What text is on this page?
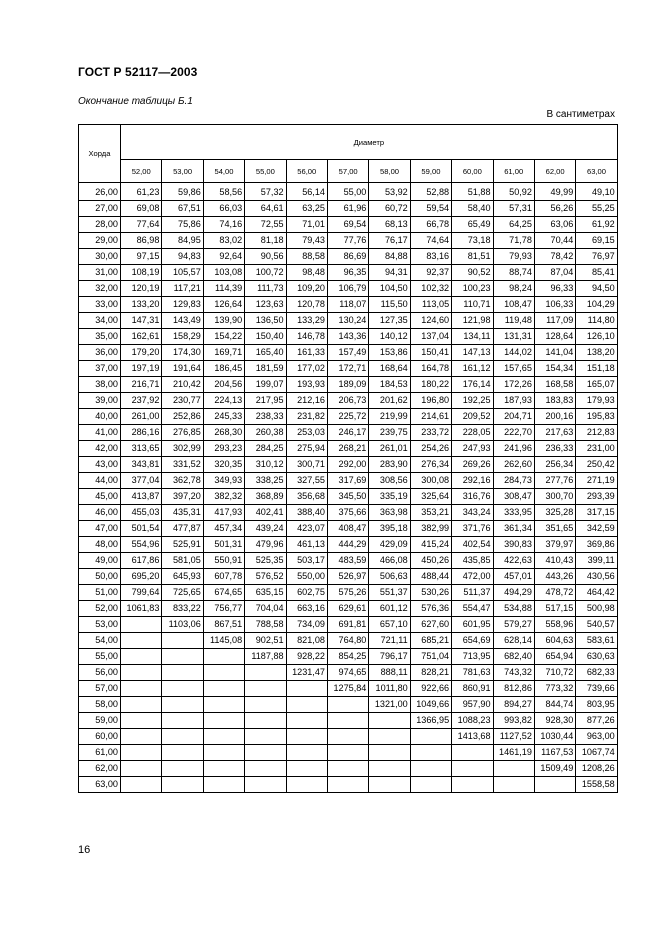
ГОСТ Р 52117—2003
Окончание таблицы Б.1
В сантиметрах
Хорда	Диаметр											
	52,00	53,00	54,00	55,00	56,00	57,00	58,00	59,00	60,00	61,00	62,00	63,00
26,00	61,23	59,86	58,56	57,32	56,14	55,00	53,92	52,88	51,88	50,92	49,99	49,10
27,00	69,08	67,51	66,03	64,61	63,25	61,96	60,72	59,54	58,40	57,31	56,26	55,25
28,00	77,64	75,86	74,16	72,55	71,01	69,54	68,13	66,78	65,49	64,25	63,06	61,92
29,00	86,98	84,95	83,02	81,18	79,43	77,76	76,17	74,64	73,18	71,78	70,44	69,15
30,00	97,15	94,83	92,64	90,56	88,58	86,69	84,88	83,16	81,51	79,93	78,42	76,97
31,00	108,19	105,57	103,08	100,72	98,48	96,35	94,31	92,37	90,52	88,74	87,04	85,41
32,00	120,19	117,21	114,39	111,73	109,20	106,79	104,50	102,32	100,23	98,24	96,33	94,50
33,00	133,20	129,83	126,64	123,63	120,78	118,07	115,50	113,05	110,71	108,47	106,33	104,29
34,00	147,31	143,49	139,90	136,50	133,29	130,24	127,35	124,60	121,98	119,48	117,09	114,80
35,00	162,61	158,29	154,22	150,40	146,78	143,36	140,12	137,04	134,11	131,31	128,64	126,10
36,00	179,20	174,30	169,71	165,40	161,33	157,49	153,86	150,41	147,13	144,02	141,04	138,20
37,00	197,19	191,64	186,45	181,59	177,02	172,71	168,64	164,78	161,12	157,65	154,34	151,18
38,00	216,71	210,42	204,56	199,07	193,93	189,09	184,53	180,22	176,14	172,26	168,58	165,07
39,00	237,92	230,77	224,13	217,95	212,16	206,73	201,62	196,80	192,25	187,93	183,83	179,93
40,00	261,00	252,86	245,33	238,33	231,82	225,72	219,99	214,61	209,52	204,71	200,16	195,83
41,00	286,16	276,85	268,30	260,38	253,03	246,17	239,75	233,72	228,05	222,70	217,63	212,83
42,00	313,65	302,99	293,23	284,25	275,94	268,21	261,01	254,26	247,93	241,96	236,33	231,00
43,00	343,81	331,52	320,35	310,12	300,71	292,00	283,90	276,34	269,26	262,60	256,34	250,42
44,00	377,04	362,78	349,93	338,25	327,55	317,69	308,56	300,08	292,16	284,73	277,76	271,19
45,00	413,87	397,20	382,32	368,89	356,68	345,50	335,19	325,64	316,76	308,47	300,70	293,39
46,00	455,03	435,31	417,93	402,41	388,40	375,66	363,98	353,21	343,24	333,95	325,28	317,15
47,00	501,54	477,87	457,34	439,24	423,07	408,47	395,18	382,99	371,76	361,34	351,65	342,59
48,00	554,96	525,91	501,31	479,96	461,13	444,29	429,09	415,24	402,54	390,83	379,97	369,86
49,00	617,86	581,05	550,91	525,35	503,17	483,59	466,08	450,26	435,85	422,63	410,43	399,11
50,00	695,20	645,93	607,78	576,52	550,00	526,97	506,63	488,44	472,00	457,01	443,26	430,56
51,00	799,64	725,65	674,65	635,15	602,75	575,26	551,37	530,26	511,37	494,29	478,72	464,42
52,00	1061,83	833,22	756,77	704,04	663,16	629,61	601,12	576,36	554,47	534,88	517,15	500,98
53,00		1103,06	867,51	788,58	734,09	691,81	657,10	627,60	601,95	579,27	558,96	540,57
54,00			1145,08	902,51	821,08	764,80	721,11	685,21	654,69	628,14	604,63	583,61
55,00				1187,88	928,22	854,25	796,17	751,04	713,95	682,40	654,94	630,63
56,00					1231,47	974,65	888,11	828,21	781,63	743,32	710,72	682,33
57,00						1275,84	1011,80	922,66	860,91	812,86	773,32	739,66
58,00							1321,00	1049,66	957,90	894,27	844,74	803,95
59,00								1366,95	1088,23	993,82	928,30	877,26
60,00									1413,68	1127,52	1030,44	963,00
61,00										1461,19	1167,53	1067,74
62,00											1509,49	1208,26
63,00												1558,58
16
